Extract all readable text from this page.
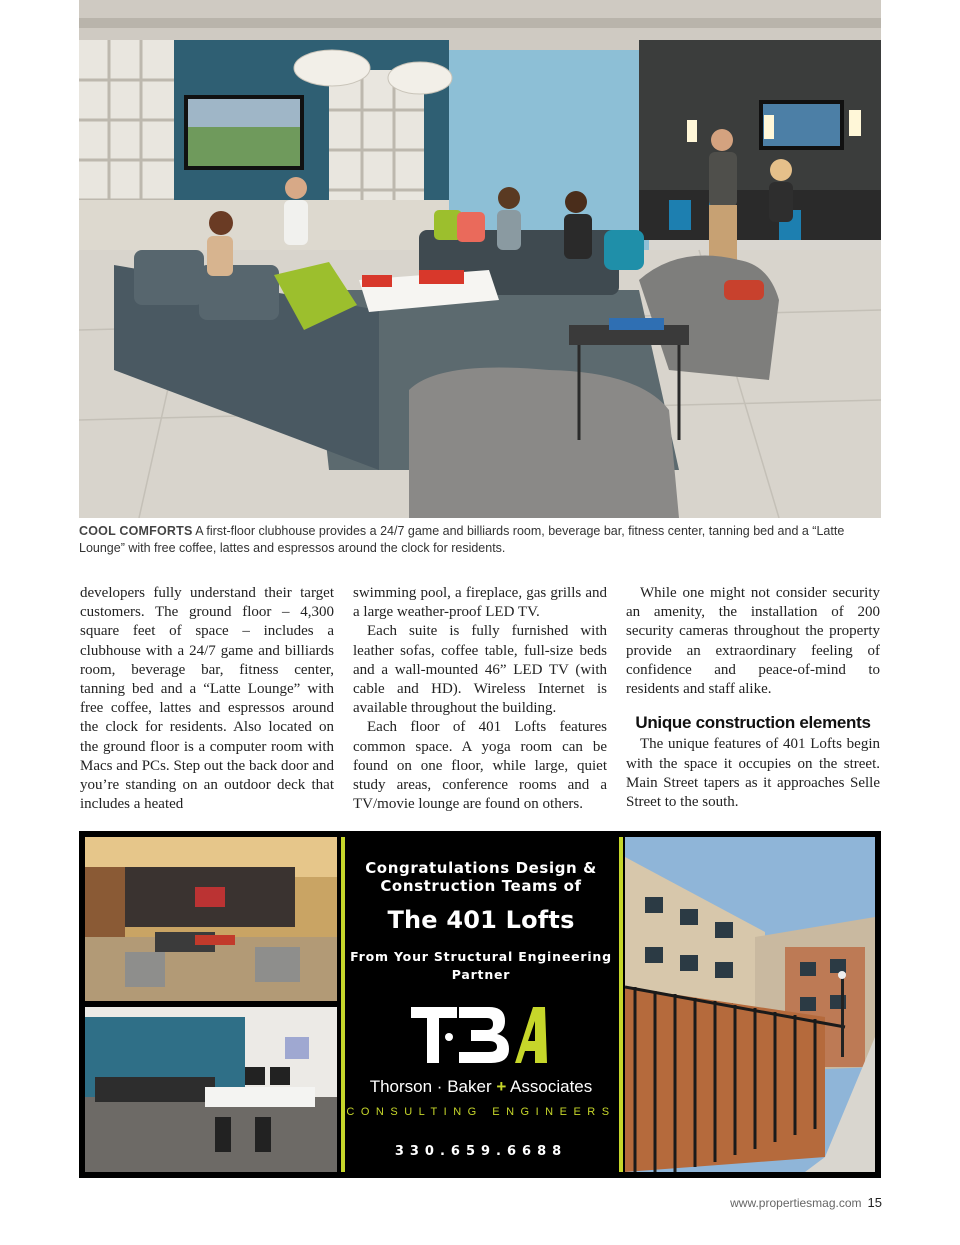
COOL COMFORTS A first-floor clubhouse provides a 24/7 game and billiards room, beverage bar, fitness center, tanning bed and a “Latte Lounge” with free coffee, lattes and espressos around the clock for residents.

developers fully understand their target customers. The ground floor – 4,300 square feet of space – includes a clubhouse with a 24/7 game and billiards room, beverage bar, fitness center, tanning bed and a “Latte Lounge” with free coffee, lattes and espressos around the clock for residents. Also located on the ground floor is a computer room with Macs and PCs. Step out the back door and you’re standing on an outdoor deck that includes a heated

swimming pool, a fireplace, gas grills and a large weather-proof LED TV.

Each suite is fully furnished with leather sofas, coffee table, full-size beds and a wall-mounted 46” LED TV (with cable and HD). Wireless Internet is available throughout the building.

Each floor of 401 Lofts features common space. A yoga room can be found on one floor, while large, quiet study areas, conference rooms and a TV/movie lounge are found on others.

While one might not consider security an amenity, the installation of 200 security cameras throughout the property provide an extraordinary feeling of confidence and peace-of-mind to residents and staff alike.

Unique construction elements

The unique features of 401 Lofts begin with the space it occupies on the street. Main Street tapers as it approaches Selle Street to the south.

Congratulations Design & Construction Teams of
The 401 Lofts
From Your Structural Engineering Partner
Thorson · Baker + Associates
CONSULTING ENGINEERS
330.659.6688
www.propertiesmag.com 15
